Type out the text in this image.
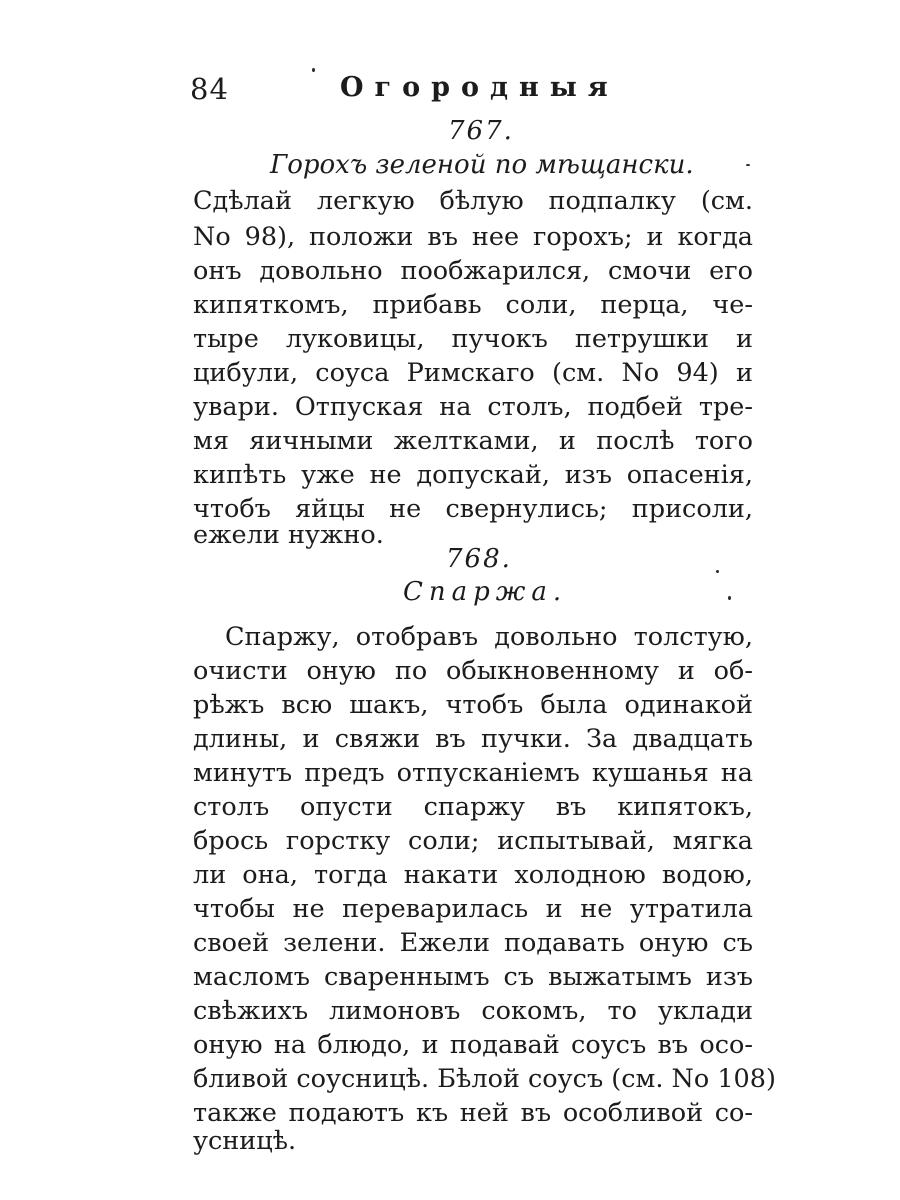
84	Огородныя
767.
Горохъ зеленой по мѣщански.
Сдѣлай легкую бѣлую подпалку (см.
No 98), положи въ нее горохъ; и когда
онъ довольно пообжарился, смочи его
кипяткомъ, прибавь соли, перца, че-
тыре луковицы, пучокъ петрушки и
цибули, соуса Римскаго (см. No 94) и
увари. Отпуская на столъ, подбей тре-
мя яичными желтками, и послѣ того
кипѣть уже не допускай, изъ опасенія,
чтобъ яйцы не свернулись; присоли,
ежели нужно.
768.
Спаржа.
Спаржу, отобравъ довольно толстую,
очисти оную по обыкновенному и об-
рѣжъ всю шакъ, чтобъ была одинакой
длины, и свяжи въ пучки. За двадцать
минутъ предъ отпусканіемъ кушанья на
столъ опусти спаржу въ кипятокъ,
брось горстку соли; испытывай, мягка
ли она, тогда накати холодною водою,
чтобы не переварилась и не утратила
своей зелени. Ежели подавать оную съ
масломъ свареннымъ съ выжатымъ изъ
свѣжихъ лимоновъ сокомъ, то уклади
оную на блюдо, и подавай соусъ въ осо-
бливой соусницѣ. Бѣлой соусъ (см. No 108)
также подаютъ къ ней въ особливой со-
усницѣ.
